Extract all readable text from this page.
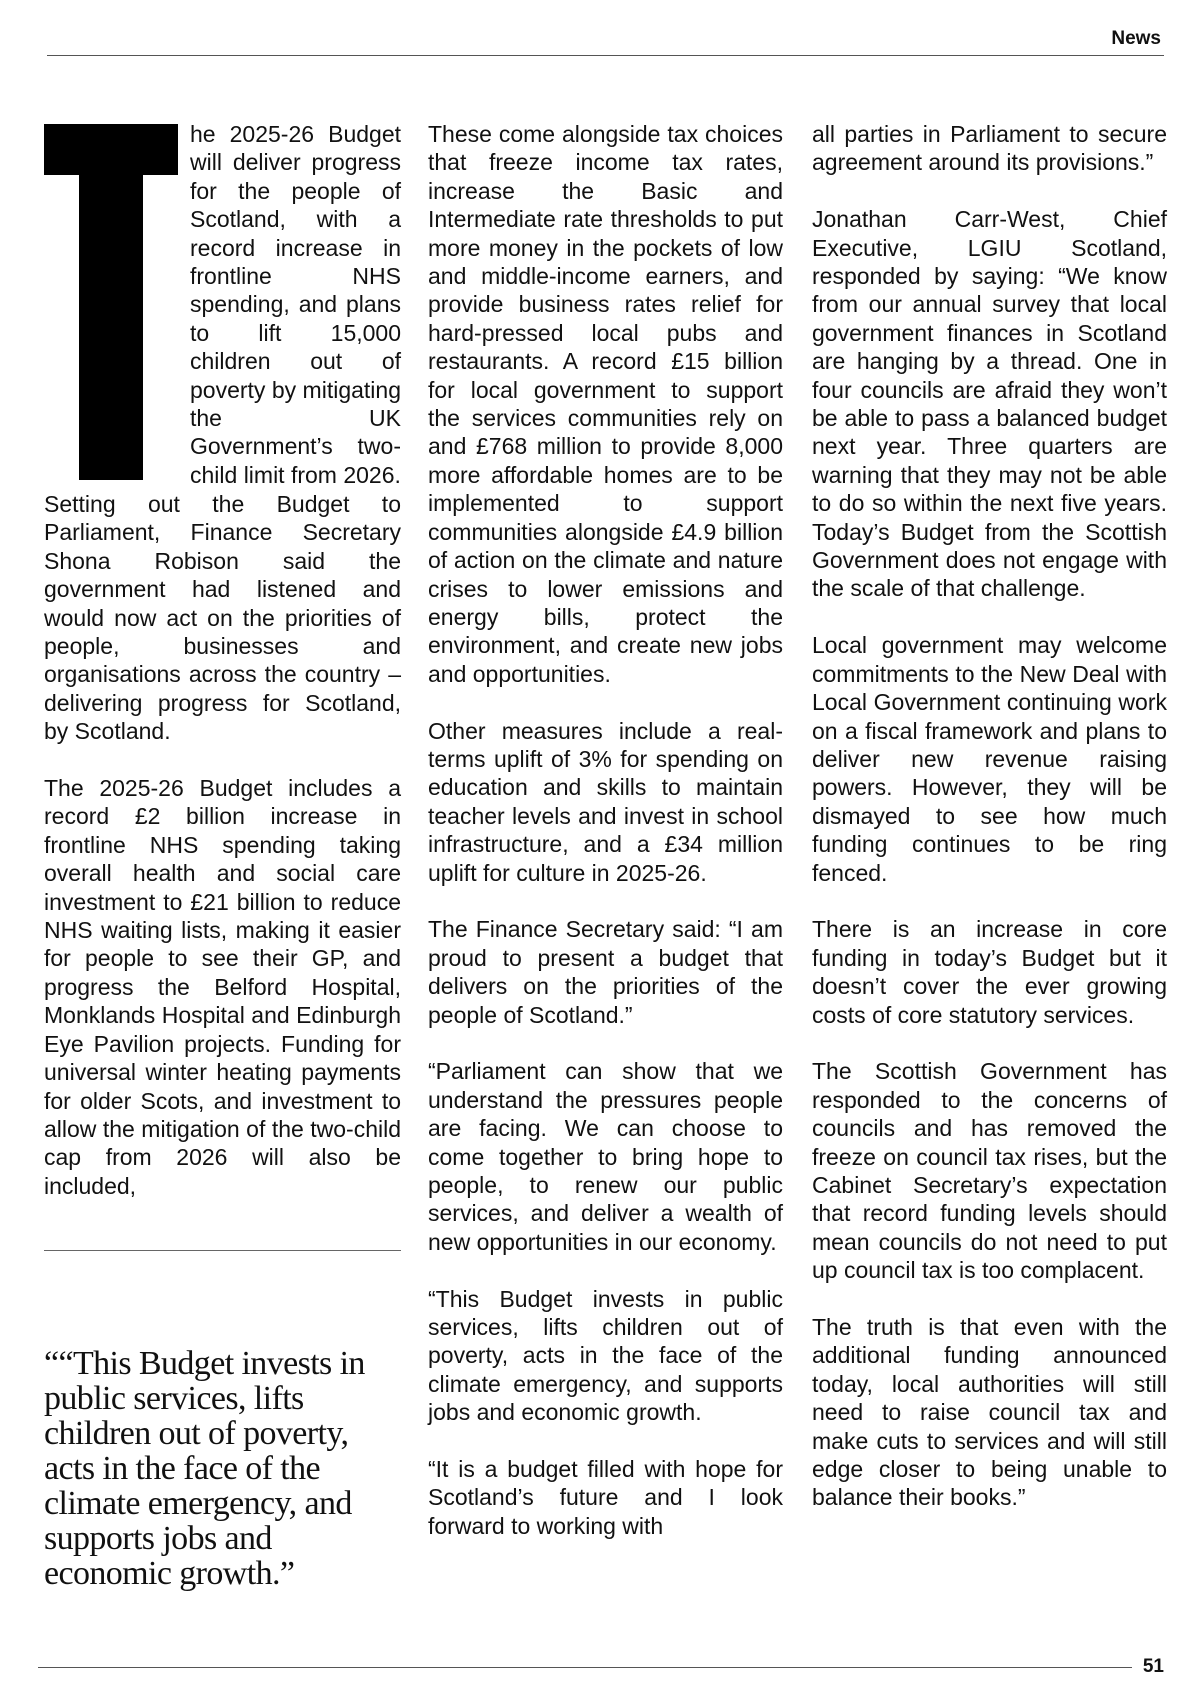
News

he 2025-26 Budget will deliver progress for the people of Scotland, with a record increase in frontline NHS spending, and plans to lift 15,000 children out of poverty by mitigating the UK Government’s two-child limit from 2026.

Setting out the Budget to Parliament, Finance Secretary Shona Robison said the government had listened and would now act on the priorities of people, businesses and organisations across the country – delivering progress for Scotland, by Scotland.

The 2025-26 Budget includes a record £2 billion increase in frontline NHS spending taking overall health and social care investment to £21 billion to reduce NHS waiting lists, making it easier for people to see their GP, and progress the Belford Hospital, Monklands Hospital and Edinburgh Eye Pavilion projects. Funding for universal winter heating payments for older Scots, and investment to allow the mitigation of the two-child cap from 2026 will also be included,

““This Budget invests in public services, lifts children out of poverty, acts in the face of the climate emergency, and supports jobs and economic growth.”

These come alongside tax choices that freeze income tax rates, increase the Basic and Intermediate rate thresholds to put more money in the pockets of low and middle-income earners, and provide business rates relief for hard-pressed local pubs and restaurants. A record £15 billion for local government to support the services communities rely on and £768 million to provide 8,000 more affordable homes are to be implemented to support communities alongside £4.9 billion of action on the climate and nature crises to lower emissions and energy bills, protect the environment, and create new jobs and opportunities.

Other measures include a real-terms uplift of 3% for spending on education and skills to maintain teacher levels and invest in school infrastructure, and a £34 million uplift for culture in 2025-26.

The Finance Secretary said: “I am proud to present a budget that delivers on the priorities of the people of Scotland.”

“Parliament can show that we understand the pressures people are facing. We can choose to come together to bring hope to people, to renew our public services, and deliver a wealth of new opportunities in our economy.

“This Budget invests in public services, lifts children out of poverty, acts in the face of the climate emergency, and supports jobs and economic growth.

“It is a budget filled with hope for Scotland’s future and I look forward to working with

all parties in Parliament to secure agreement around its provisions.”

Jonathan Carr-West, Chief Executive, LGIU Scotland, responded by saying: “We know from our annual survey that local government finances in Scotland are hanging by a thread. One in four councils are afraid they won’t be able to pass a balanced budget next year. Three quarters are warning that they may not be able to do so within the next five years. Today’s Budget from the Scottish Government does not engage with the scale of that challenge.

Local government may welcome commitments to the New Deal with Local Government continuing work on a fiscal framework and plans to deliver new revenue raising powers. However, they will be dismayed to see how much funding continues to be ring fenced.

There is an increase in core funding in today’s Budget but it doesn’t cover the ever growing costs of core statutory services.

The Scottish Government has responded to the concerns of councils and has removed the freeze on council tax rises, but the Cabinet Secretary’s expectation that record funding levels should mean councils do not need to put up council tax is too complacent.

The truth is that even with the additional funding announced today, local authorities will still need to raise council tax and make cuts to services and will still edge closer to being unable to balance their books.”

51
